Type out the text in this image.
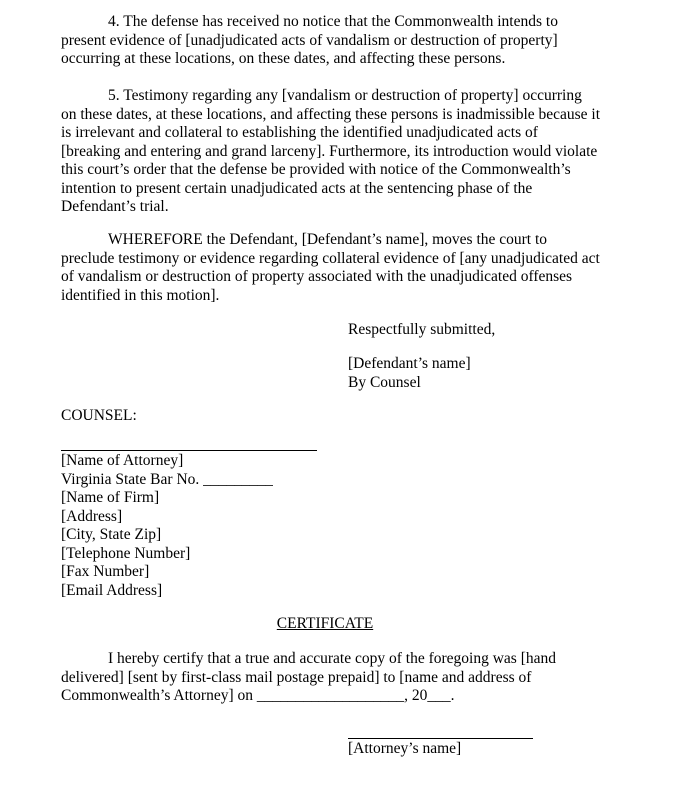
4. The defense has received no notice that the Commonwealth intends to present evidence of [unadjudicated acts of vandalism or destruction of property] occurring at these locations, on these dates, and affecting these persons.

5. Testimony regarding any [vandalism or destruction of property] occurring on these dates, at these locations, and affecting these persons is inadmissible because it is irrelevant and collateral to establishing the identified unadjudicated acts of [breaking and entering and grand larceny]. Furthermore, its introduction would violate this court’s order that the defense be provided with notice of the Commonwealth’s intention to present certain unadjudicated acts at the sentencing phase of the Defendant’s trial.

WHEREFORE the Defendant, [Defendant’s name], moves the court to preclude testimony or evidence regarding collateral evidence of [any unadjudicated act of vandalism or destruction of property associated with the unadjudicated offenses identified in this motion].

Respectfully submitted,
[Defendant’s name]
By Counsel
COUNSEL:
[Name of Attorney]
Virginia State Bar No. _________
[Name of Firm]
[Address]
[City, State Zip]
[Telephone Number]
[Fax Number]
[Email Address]
CERTIFICATE

I hereby certify that a true and accurate copy of the foregoing was [hand delivered] [sent by first-class mail postage prepaid] to [name and address of Commonwealth’s Attorney] on ___________________, 20___.

[Attorney’s name]
